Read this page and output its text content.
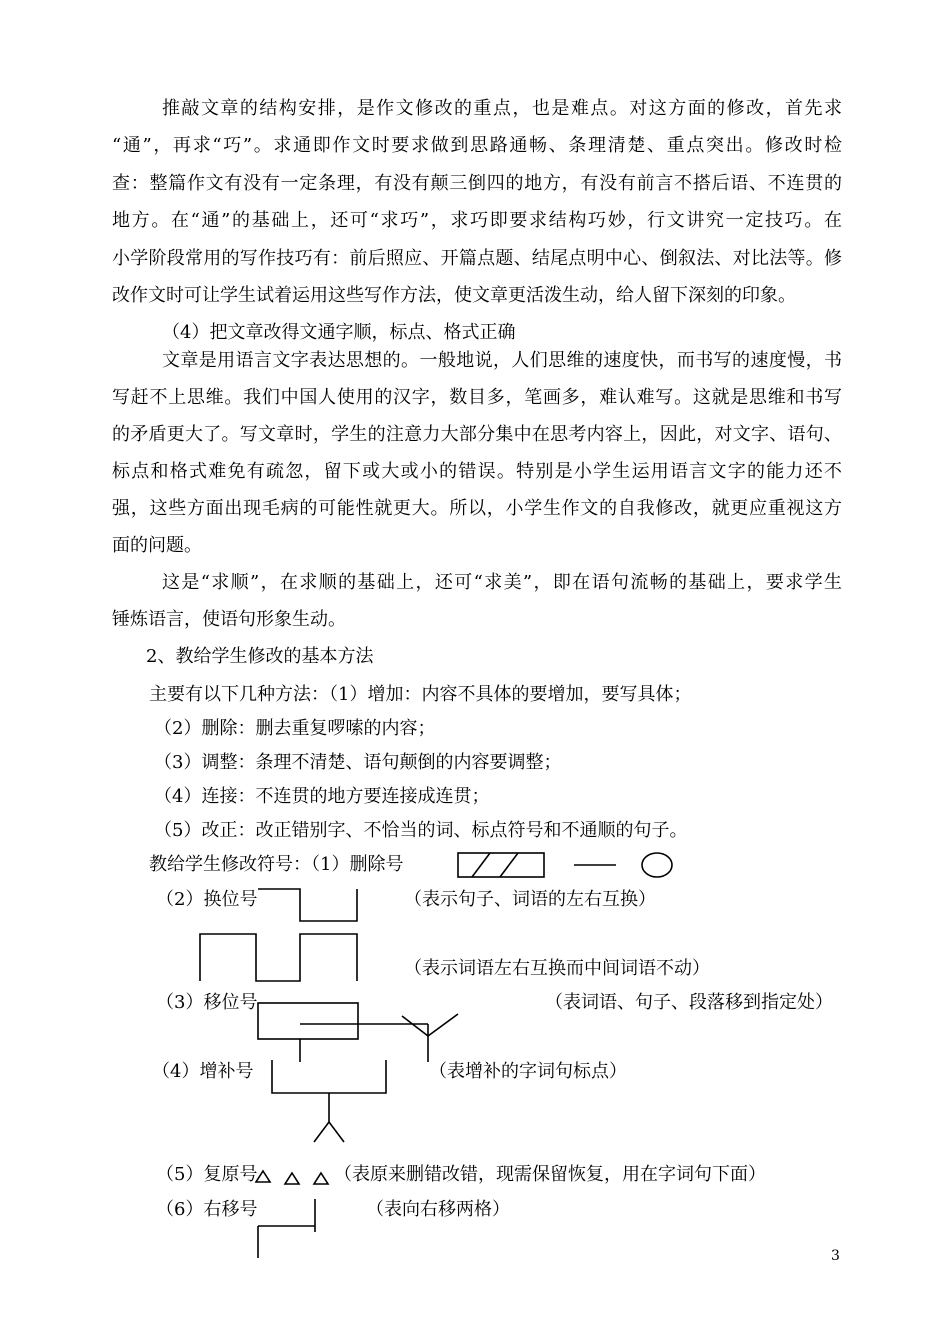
推敲文章的结构安排，是作文修改的重点，也是难点。对这方面的修改，首先求
“通”，再求“巧”。求通即作文时要求做到思路通畅、条理清楚、重点突出。修改时检
查：整篇作文有没有一定条理，有没有颠三倒四的地方，有没有前言不搭后语、不连贯的
地方。在“通”的基础上，还可“求巧”，求巧即要求结构巧妙，行文讲究一定技巧。在
小学阶段常用的写作技巧有：前后照应、开篇点题、结尾点明中心、倒叙法、对比法等。修
改作文时可让学生试着运用这些写作方法，使文章更活泼生动，给人留下深刻的印象。
（4）把文章改得文通字顺，标点、格式正确
文章是用语言文字表达思想的。一般地说，人们思维的速度快，而书写的速度慢，书
写赶不上思维。我们中国人使用的汉字，数目多，笔画多，难认难写。这就是思维和书写
的矛盾更大了。写文章时，学生的注意力大部分集中在思考内容上，因此，对文字、语句、
标点和格式难免有疏忽，留下或大或小的错误。特别是小学生运用语言文字的能力还不
强，这些方面出现毛病的可能性就更大。所以，小学生作文的自我修改，就更应重视这方
面的问题。
这是“求顺”，在求顺的基础上，还可“求美”，即在语句流畅的基础上，要求学生
锤炼语言，使语句形象生动。
2、教给学生修改的基本方法
主要有以下几种方法：（1）增加：内容不具体的要增加，要写具体；
（2）删除：删去重复啰嗦的内容；
（3）调整：条理不清楚、语句颠倒的内容要调整；
（4）连接：不连贯的地方要连接成连贯；
（5）改正：改正错别字、不恰当的词、标点符号和不通顺的句子。
教给学生修改符号：（1）删除号
（2）换位号	（表示句子、词语的左右互换）
（表示词语左右互换而中间词语不动）
（3）移位号	（表词语、句子、段落移到指定处）
（4）增补号	（表增补的字词句标点）
（5）复原号	（表原来删错改错，现需保留恢复，用在字词句下面）
（6）右移号	（表向右移两格）
3
